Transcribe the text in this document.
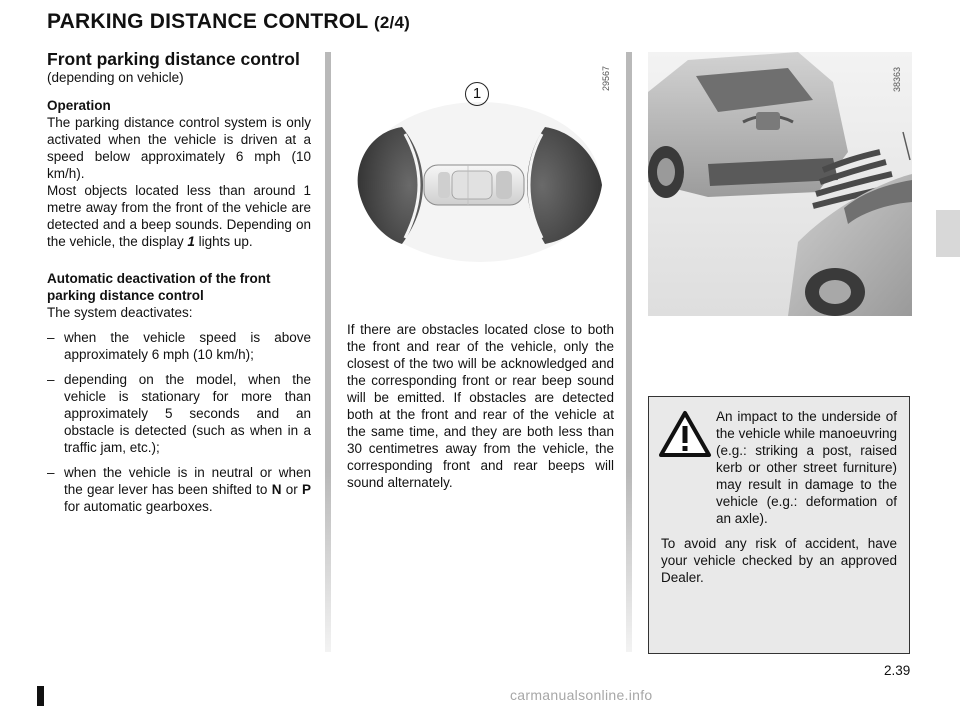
PARKING DISTANCE CONTROL (2/4)
Front parking distance control
(depending on vehicle)
Operation

The parking distance control system is only activated when the vehicle is driven at a speed below approximately 6 mph (10 km/h).

Most objects located less than around 1 metre away from the front of the vehicle are detected and a beep sounds. Depending on the vehicle, the display 1 lights up.

Automatic deactivation of the front parking distance control

The system deactivates:

– when the vehicle speed is above approximately 6 mph (10 km/h);
– depending on the model, when the vehicle is stationary for more than approximately 5 seconds and an obstacle is detected (such as when in a traffic jam, etc.);
– when the vehicle is in neutral or when the gear lever has been shifted to N or P for automatic gearboxes.
1
29567

If there are obstacles located close to both the front and rear of the vehicle, only the closest of the two will be acknowledged and the corresponding front or rear beep sound will be emitted. If obstacles are detected both at the front and rear of the vehicle at the same time, and they are both less than 30 centimetres away from the vehicle, the corresponding front and rear beeps will sound alternately.

38363

An impact to the underside of the vehicle while manoeuvring (e.g.: striking a post, raised kerb or other street furniture) may result in damage to the vehicle (e.g.: deformation of an axle).

To avoid any risk of accident, have your vehicle checked by an approved Dealer.

2.39
carmanualsonline.info
